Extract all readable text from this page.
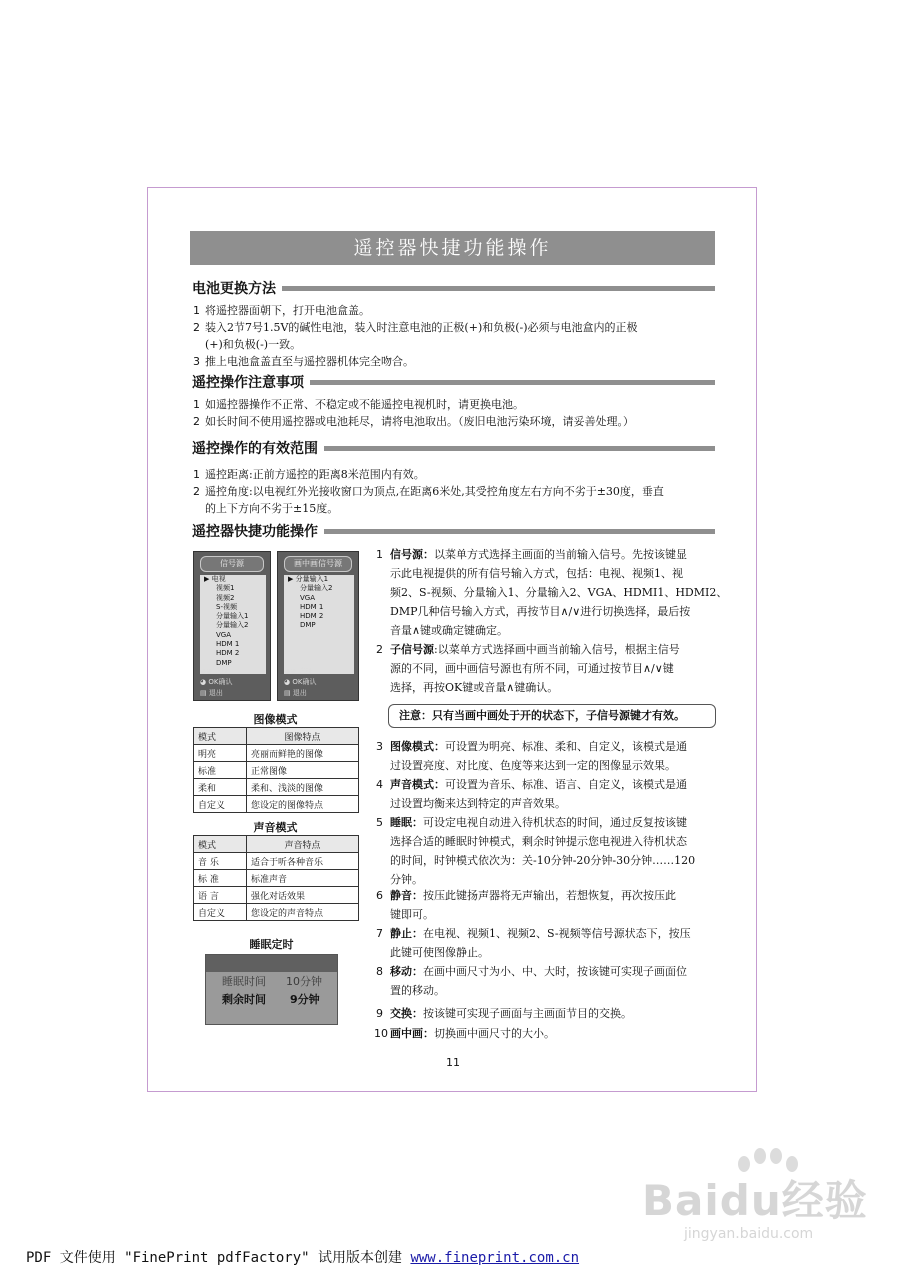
遥控器快捷功能操作
电池更换方法
1 将遥控器面朝下，打开电池盒盖。
2 装入2节7号1.5V的碱性电池，装入时注意电池的正极(+)和负极(-)必须与电池盒内的正极
(+)和负极(-)一致。
3 推上电池盒盖直至与遥控器机体完全吻合。
遥控操作注意事项
1 如遥控器操作不正常、不稳定或不能遥控电视机时，请更换电池。
2 如长时间不使用遥控器或电池耗尽，请将电池取出。（废旧电池污染环境，请妥善处理。）
遥控操作的有效范围
1 遥控距离:正前方遥控的距离8米范围内有效。
2 遥控角度:以电视红外光接收窗口为顶点,在距离6米处,其受控角度左右方向不劣于±30度，垂直
的上下方向不劣于±15度。
遥控器快捷功能操作
信号源
▶ 电视
视频1
视频2
S-视频
分量输入1
分量输入2
VGA
HDM 1
HDM 2
DMP
◕◕ 选择
◕ OK确认
▤ 退出
画中画信号源
▶ 分量输入1
分量输入2
VGA
HDM 1
HDM 2
DMP
◕◕ 选择
◕ OK确认
▤ 退出
图像模式
模式	图像特点
明亮	亮丽而鲜艳的图像
标准	正常图像
柔和	柔和、浅淡的图像
自定义	您设定的图像特点
声音模式
模式	声音特点
音 乐	适合于听各种音乐
标 准	标准声音
语 言	强化对话效果
自定义	您设定的声音特点
睡眠定时
睡眠时间 10分钟
剩余时间 9分钟
1 信号源：以菜单方式选择主画面的当前输入信号。先按该键显
示此电视提供的所有信号输入方式，包括：电视、视频1、视
频2、S-视频、分量输入1、分量输入2、VGA、HDMI1、HDMI2、
DMP几种信号输入方式，再按节目∧/∨进行切换选择，最后按
音量∧键或确定键确定。
2 子信号源:以菜单方式选择画中画当前输入信号，根据主信号
源的不同，画中画信号源也有所不同，可通过按节目∧/∨键
选择，再按OK键或音量∧键确认。
注意：只有当画中画处于开的状态下，子信号源键才有效。
3 图像模式：可设置为明亮、标准、柔和、自定义，该模式是通
过设置亮度、对比度、色度等来达到一定的图像显示效果。
4 声音模式：可设置为音乐、标准、语言、自定义，该模式是通
过设置均衡来达到特定的声音效果。
5 睡眠：可设定电视自动进入待机状态的时间，通过反复按该键
选择合适的睡眠时钟模式，剩余时钟提示您电视进入待机状态
的时间，时钟模式依次为：关-10分钟-20分钟-30分钟……120
分钟。
6 静音：按压此键扬声器将无声输出，若想恢复，再次按压此
键即可。
7 静止：在电视、视频1、视频2、S-视频等信号源状态下，按压
此键可使图像静止。
8 移动：在画中画尺寸为小、中、大时，按该键可实现子画面位
置的移动。
9 交换：按该键可实现子画面与主画面节目的交换。
10 画中画：切换画中画尺寸的大小。
11
Baidu经验
jingyan.baidu.com
PDF 文件使用 "FinePrint pdfFactory" 试用版本创建 www.fineprint.com.cn
